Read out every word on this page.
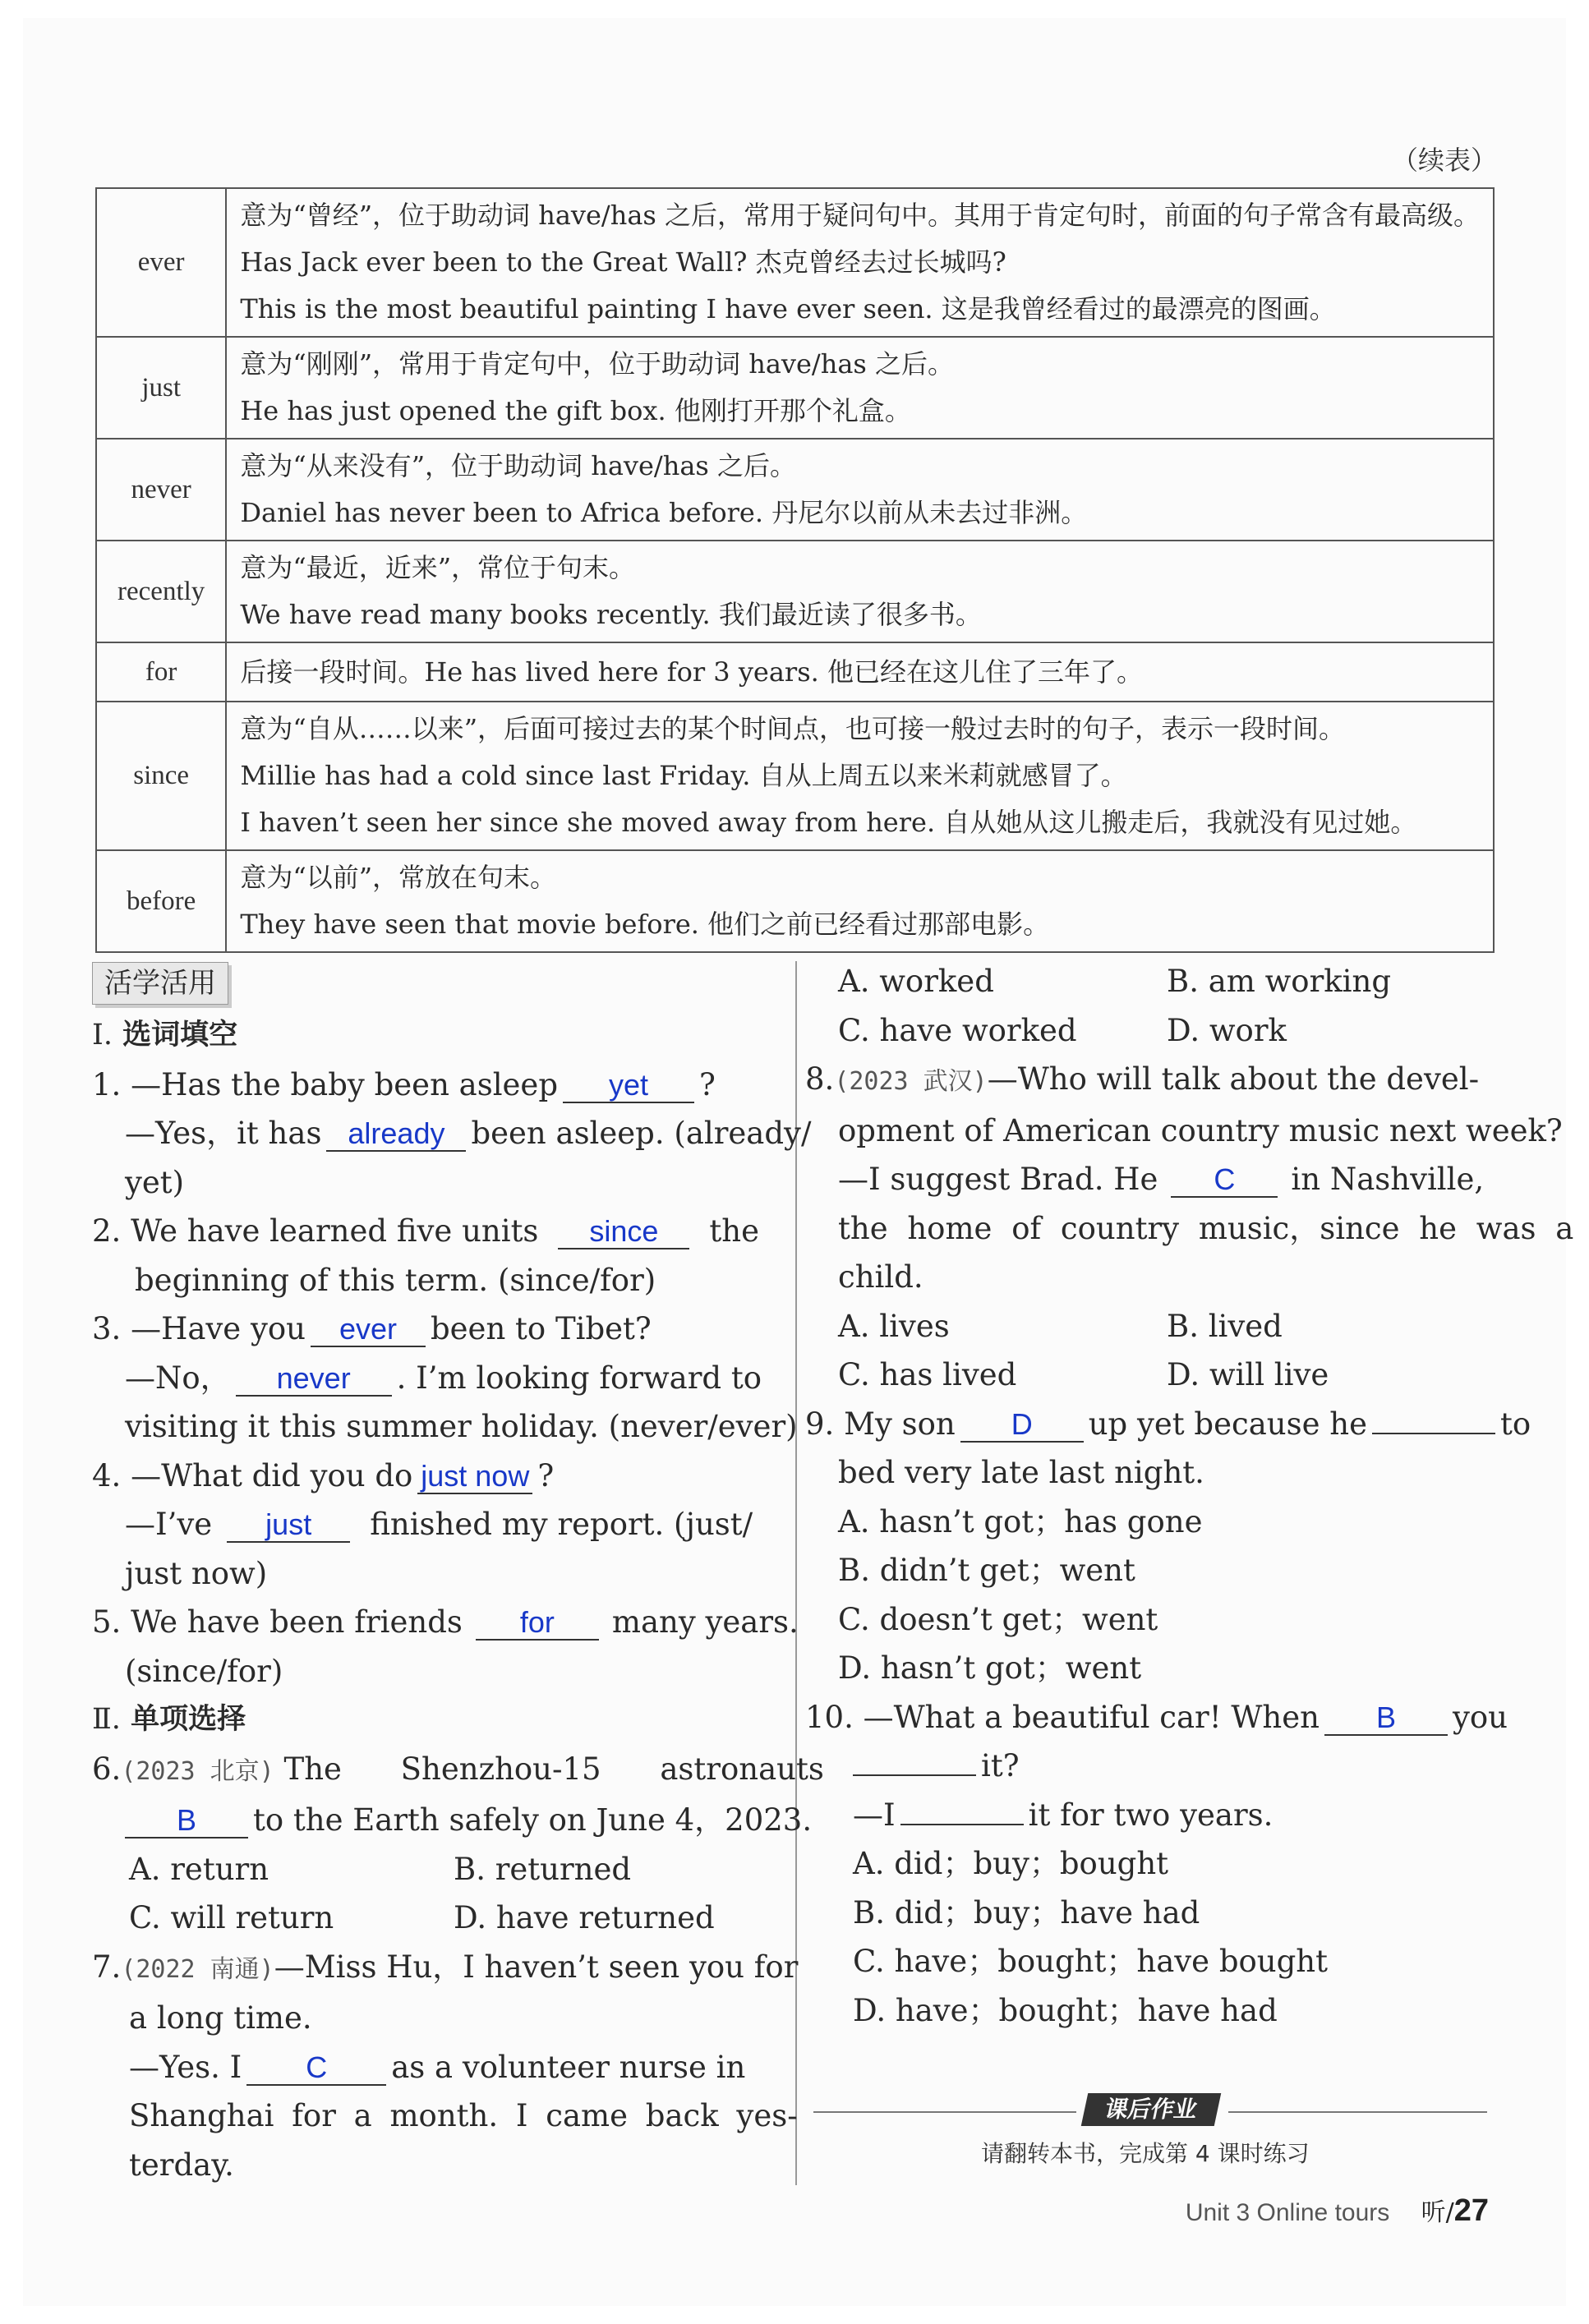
（续表）
ever	意为“曾经”，位于助动词 have/has 之后，常用于疑问句中。其用于肯定句时，前面的句子常含有最高级。
Has Jack ever been to the Great Wall? 杰克曾经去过长城吗?
This is the most beautiful painting I have ever seen. 这是我曾经看过的最漂亮的图画。

just	意为“刚刚”，常用于肯定句中，位于助动词 have/has 之后。
He has just opened the gift box. 他刚打开那个礼盒。

never	意为“从来没有”，位于助动词 have/has 之后。
Daniel has never been to Africa before. 丹尼尔以前从未去过非洲。

recently	意为“最近，近来”，常位于句末。
We have read many books recently. 我们最近读了很多书。

for	后接一段时间。He has lived here for 3 years. 他已经在这儿住了三年了。

since	意为“自从……以来”，后面可接过去的某个时间点，也可接一般过去时的句子，表示一段时间。
Millie has had a cold since last Friday. 自从上周五以来米莉就感冒了。
I haven’t seen her since she moved away from here. 自从她从这儿搬走后，我就没有见过她。

before	意为“以前”，常放在句末。
They have seen that movie before. 他们之前已经看过那部电影。
活学活用
Ⅰ. 选词填空
1. —Has the baby been asleep yet ?
—Yes，it has already been asleep. (already/
yet)
2. We have learned five units since the
beginning of this term. (since/for)
3. —Have you ever been to Tibet?
—No， never . I’m looking forward to
visiting it this summer holiday. (never/ever)
4. —What did you do just now ?
—I’ve just finished my report. (just/
just now)
5. We have been friends for many years.
(since/for)
Ⅱ. 单项选择
6.(2023 北京) The Shenzhou-15 astronauts
B to the Earth safely on June 4，2023.
A. return	B. returned
C. will return	D. have returned
7.(2022 南通)—Miss Hu，I haven’t seen you for
a long time.
—Yes. I C as a volunteer nurse in
Shanghai for a month. I came back yes-
terday.
A. worked	B. am working
C. have worked	D. work
8.(2023 武汉)—Who will talk about the devel-
opment of American country music next week?
—I suggest Brad. He C in Nashville,
the home of country music，since he was a
child.
A. lives	B. lived
C. has lived	D. will live
9. My son D up yet because he	to
bed very late last night.
A. hasn’t got；has gone
B. didn’t get；went
C. doesn’t get；went
D. hasn’t got；went
10. —What a beautiful car! When B you
it?
—I	it for two years.
A. did；buy；bought
B. did；buy；have had
C. have；bought；have bought
D. have；bought；have had
课后作业
请翻转本书，完成第 4 课时练习
Unit 3 Online tours 听/27
